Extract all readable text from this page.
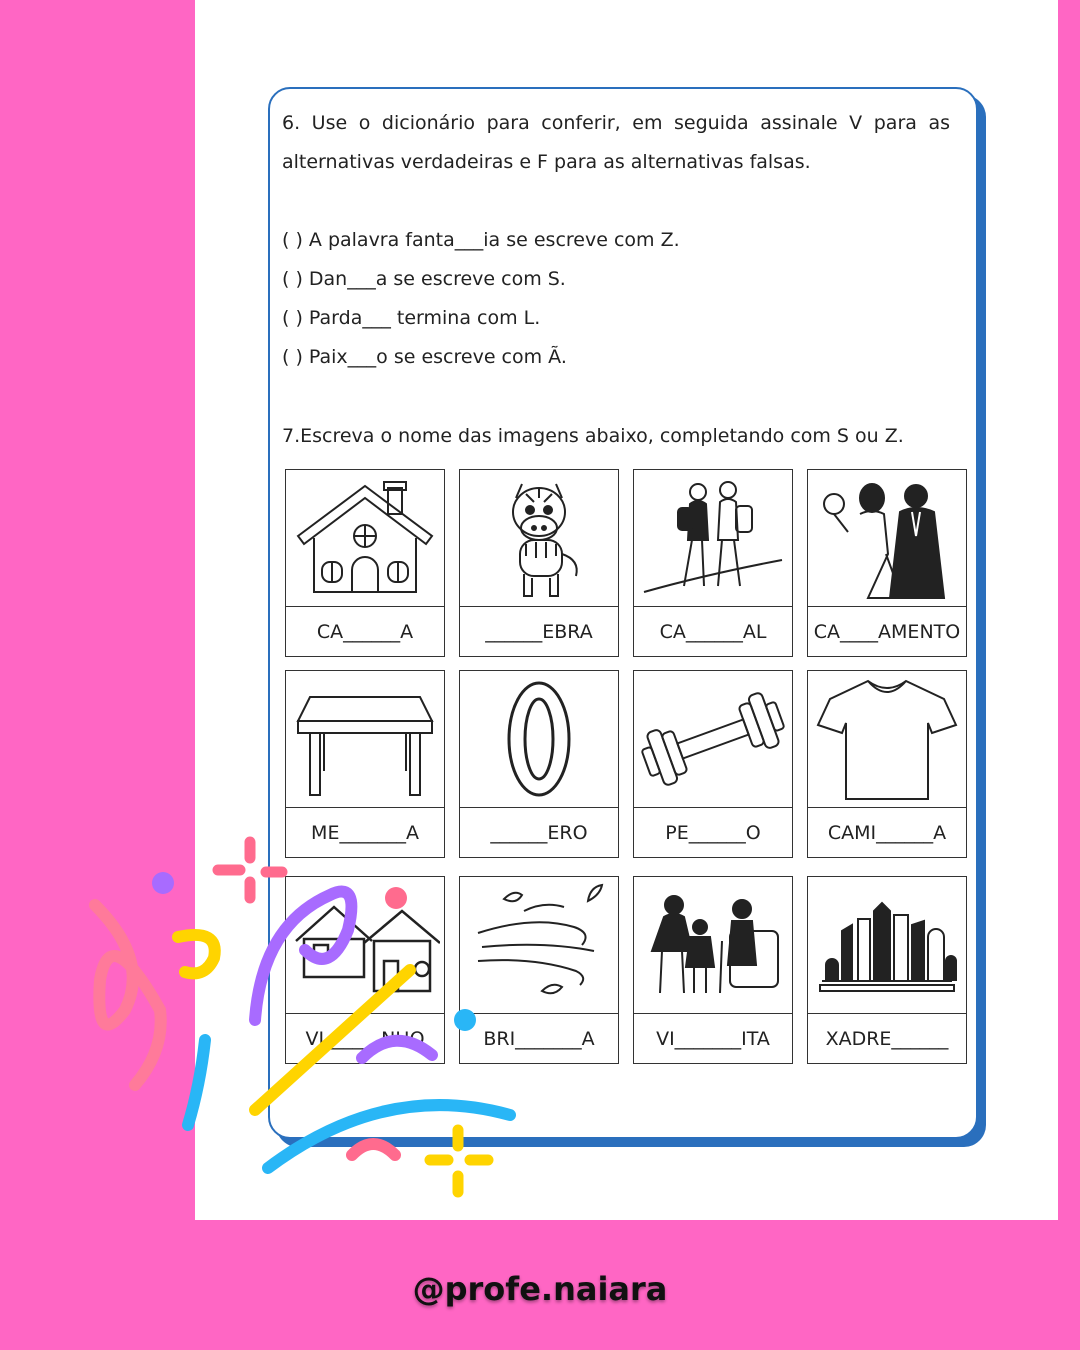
6. Use o dicionário para conferir, em seguida assinale V para as alternativas verdadeiras e F para as alternativas falsas.
( ) A palavra fanta___ia se escreve com Z.
( ) Dan___a se escreve com S.
( ) Parda___ termina com L.
( ) Paix___o se escreve com Ã.
7.Escreva o nome das imagens abaixo, completando com S ou Z.
CA______A	______EBRA	CA______AL	CA____AMENTO
ME_______A	______ERO	PE______O	CAMI______A
VI______NHO	BRI_______A	VI_______ITA	XADRE______
@profe.naiara
